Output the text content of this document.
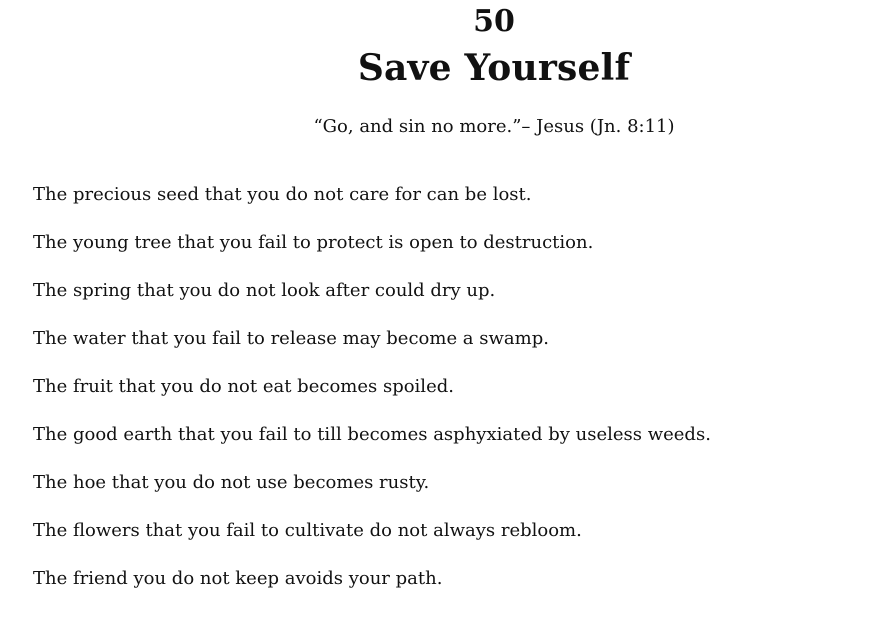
50
Save Yourself
“Go, and sin no more.”– Jesus (Jn. 8:11)
The precious seed that you do not care for can be lost.
The young tree that you fail to protect is open to destruction.
The spring that you do not look after could dry up.
The water that you fail to release may become a swamp.
The fruit that you do not eat becomes spoiled.
The good earth that you fail to till becomes asphyxiated by useless weeds.
The hoe that you do not use becomes rusty.
The flowers that you fail to cultivate do not always rebloom.
The friend you do not keep avoids your path.
